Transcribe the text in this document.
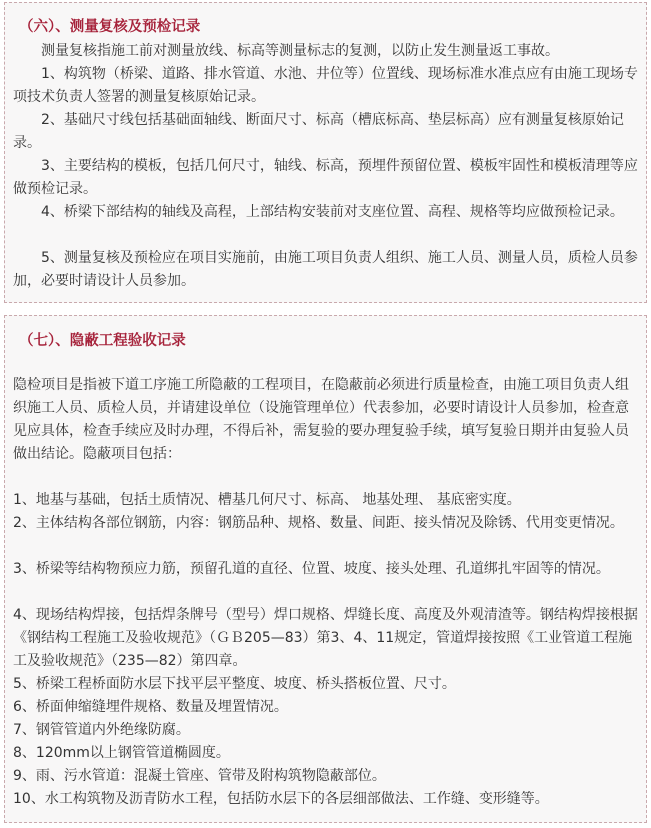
（六）、测量复核及预检记录
测量复核指施工前对测量放线、标高等测量标志的复测，以防止发生测量返工事故。
1、构筑物（桥梁、道路、排水管道、水池、井位等）位置线、现场标准水准点应有由施工现场专项技术负责人签署的测量复核原始记录。
2、基础尺寸线包括基础面轴线、断面尺寸、标高（槽底标高、垫层标高）应有测量复核原始记录。
3、主要结构的模板，包括几何尺寸，轴线、标高，预埋件预留位置、模板牢固性和模板清理等应做预检记录。
4、桥梁下部结构的轴线及高程，上部结构安装前对支座位置、高程、规格等均应做预检记录。
5、测量复核及预检应在项目实施前，由施工项目负责人组织、施工人员、测量人员，质检人员参加，必要时请设计人员参加。
（七）、隐蔽工程验收记录
隐检项目是指被下道工序施工所隐蔽的工程项目，在隐蔽前必须进行质量检查，由施工项目负责人组织施工人员、质检人员，并请建设单位（设施管理单位）代表参加，必要时请设计人员参加，检查意见应具体，检查手续应及时办理，不得后补，需复验的要办理复验手续，填写复验日期并由复验人员做出结论。隐蔽项目包括：
1、地基与基础，包括土质情况、槽基几何尺寸、标高、 地基处理、 基底密实度。
2、主体结构各部位钢筋，内容：钢筋品种、规格、数量、间距、接头情况及除锈、代用变更情况。
3、桥梁等结构物预应力筋，预留孔道的直径、位置、坡度、接头处理、孔道绑扎牢固等的情况。
4、现场结构焊接，包括焊条牌号（型号）焊口规格、焊缝长度、高度及外观清渣等。钢结构焊接根据《钢结构工程施工及验收规范》（ＧＢ205—83）第3、4、11规定，管道焊接按照《工业管道工程施工及验收规范》（235—82）第四章。
5、桥梁工程桥面防水层下找平层平整度、坡度、桥头搭板位置、尺寸。
6、桥面伸缩缝埋件规格、数量及埋置情况。
7、钢管管道内外绝缘防腐。
8、120mm以上钢管管道椭圆度。
9、雨、污水管道：混凝土管座、管带及附构筑物隐蔽部位。
10、水工构筑物及沥青防水工程，包括防水层下的各层细部做法、工作缝、变形缝等。
